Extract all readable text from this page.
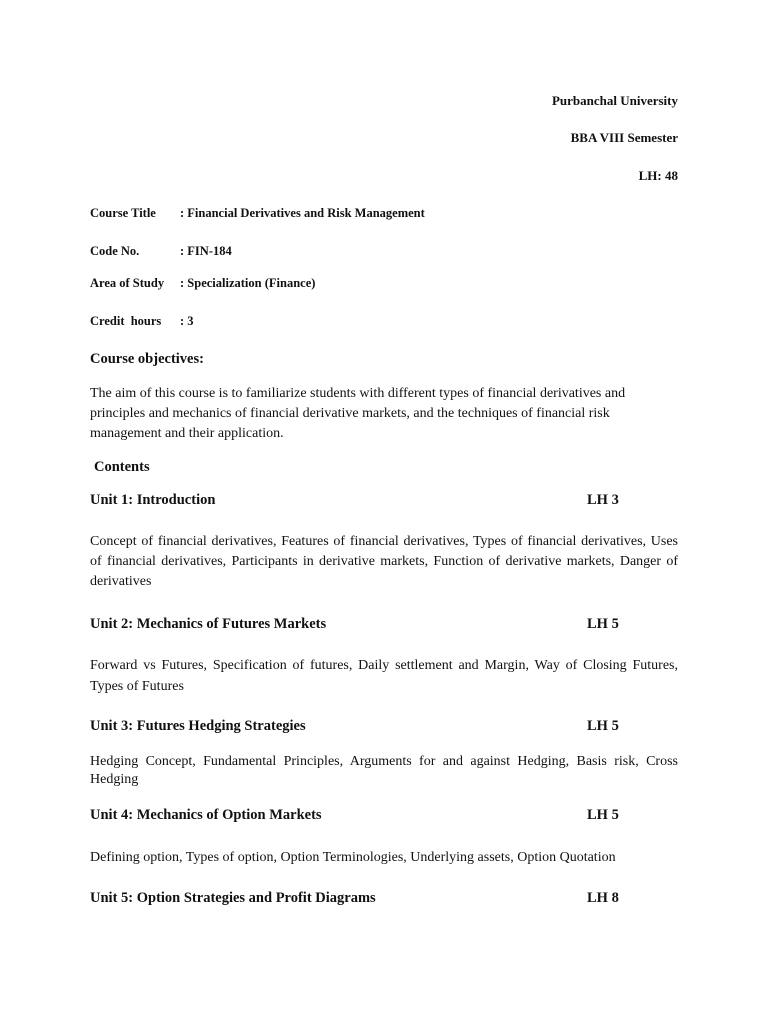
Purbanchal University
BBA VIII Semester
LH: 48
Course Title : Financial Derivatives and Risk Management
Code No.	: FIN-184
Area of Study : Specialization (Finance)
Credit  hours : 3
Course objectives:
The aim of this course is to familiarize students with different types of financial derivatives and principles and mechanics of financial derivative markets, and the techniques of financial risk management and their application.
Contents
Unit 1: Introduction	LH 3
Concept of financial derivatives, Features of financial derivatives, Types of financial derivatives, Uses of financial derivatives, Participants in derivative markets, Function of derivative markets, Danger of derivatives
Unit 2: Mechanics of Futures Markets	LH 5
Forward vs Futures, Specification of futures, Daily settlement and Margin, Way of Closing Futures, Types of Futures
Unit 3: Futures Hedging Strategies	LH 5
Hedging Concept, Fundamental Principles, Arguments for and against Hedging, Basis risk, Cross Hedging
Unit 4: Mechanics of Option Markets	LH 5
Defining option, Types of option, Option Terminologies, Underlying assets, Option Quotation
Unit 5: Option Strategies and Profit Diagrams	LH 8
